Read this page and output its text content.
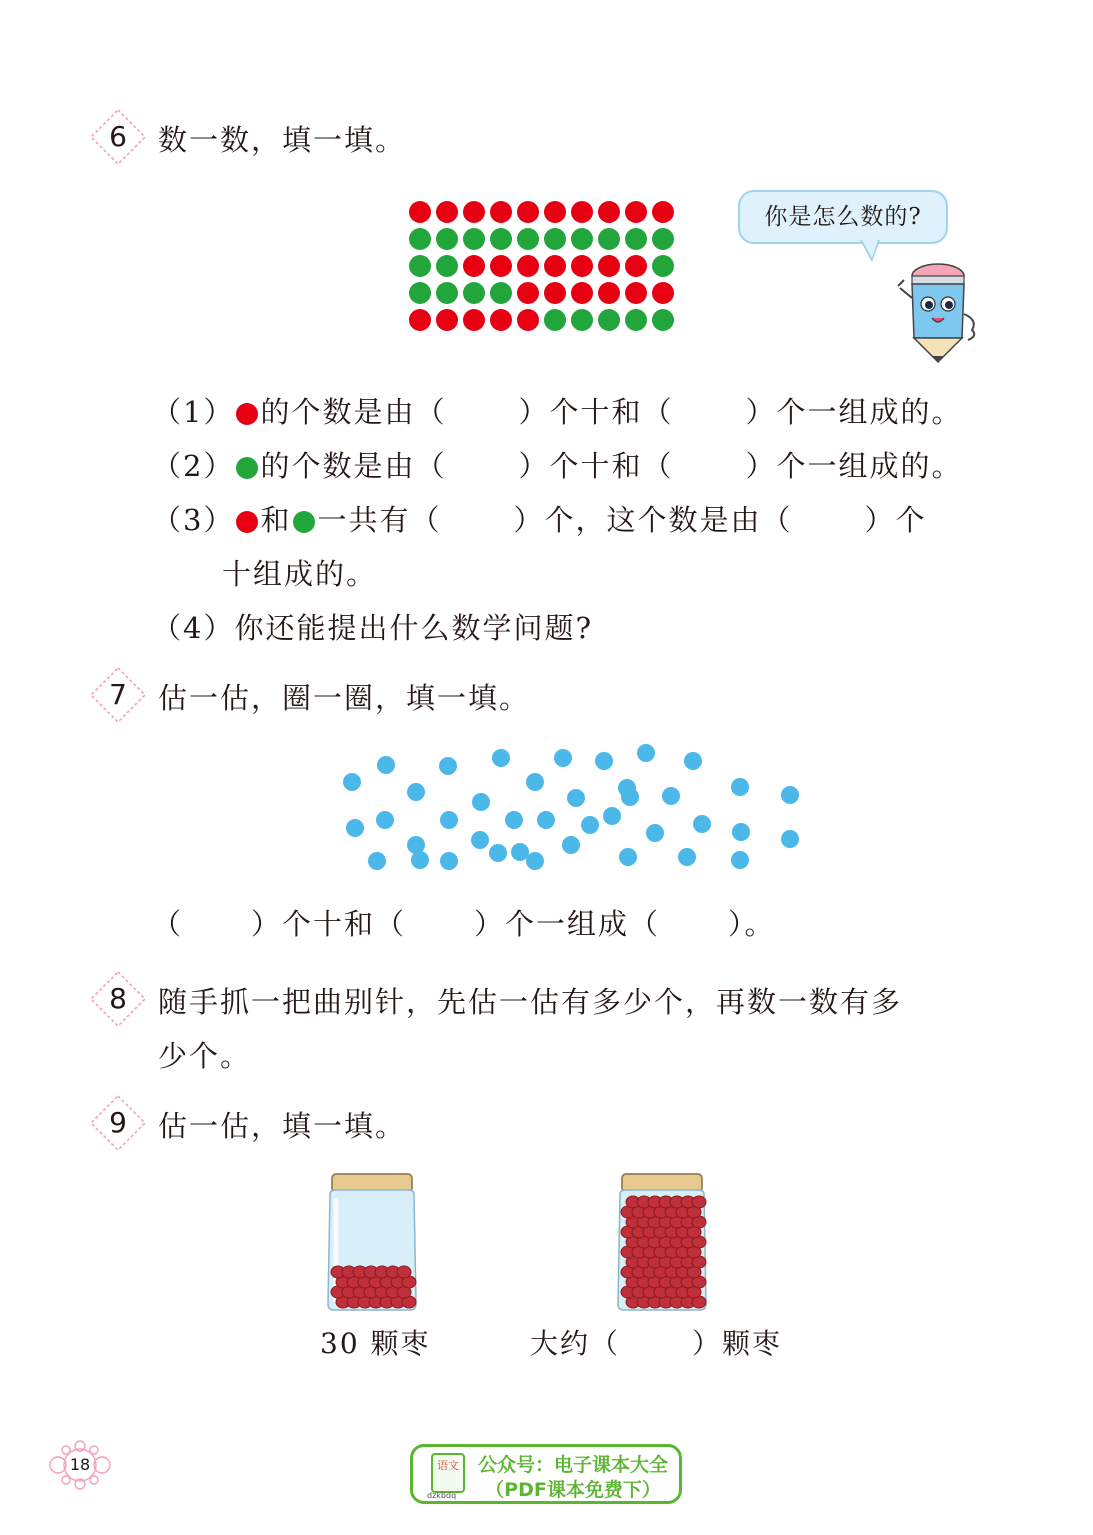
6	数一数，填一填。
你是怎么数的?
（1） 的个数是由（ ）个十和（ ）个一组成的。
（2） 的个数是由（ ）个十和（ ）个一组成的。
（3） 和 一共有（ ）个，这个数是由（ ）个
十组成的。
（4）你还能提出什么数学问题?
7	估一估，圈一圈，填一填。
（ ）个十和（ ）个一组成（ ）。
8	随手抓一把曲别针，先估一估有多少个，再数一数有多
少个。
9	估一估，填一填。
30 颗枣	大约（	）颗枣
18	语文
dzkbdq
公众号：电子课本大全
（PDF课本免费下）
